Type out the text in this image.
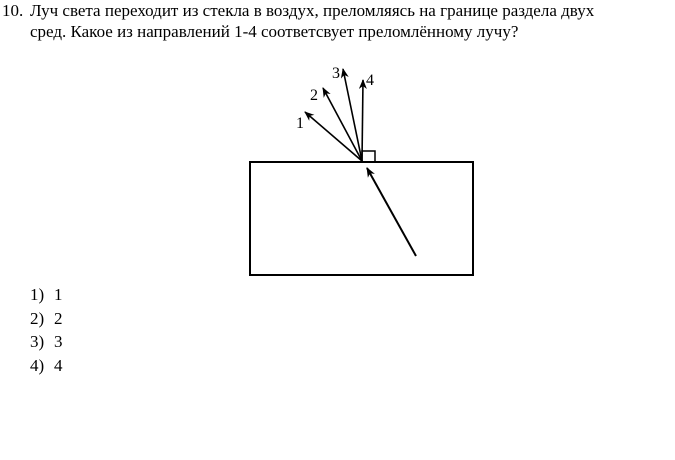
10. Луч света переходит из стекла в воздух, преломляясь на границе раздела двух
сред. Какое из направлений 1-4 соответсвует преломлённому лучу?
1
2
3 4
1) 1
2) 2
3) 3
4) 4
